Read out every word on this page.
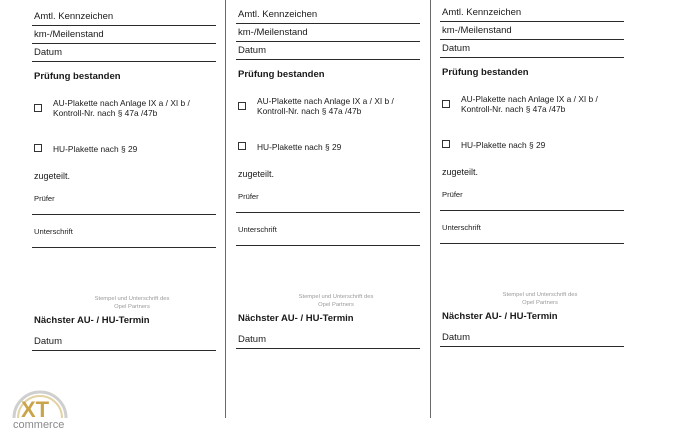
Amtl. Kennzeichen
km-/Meilenstand
Datum
Prüfung bestanden
AU-Plakette nach Anlage IX a / XI b /
Kontroll-Nr. nach § 47a /47b
HU-Plakette nach § 29
zugeteilt.
Prüfer
Unterschrift
Stempel und Unterschrift des
Opel Partners
Nächster AU- / HU-Termin
Datum
Amtl. Kennzeichen
km-/Meilenstand
Datum
Prüfung bestanden
AU-Plakette nach Anlage IX a / XI b /
Kontroll-Nr. nach § 47a /47b
HU-Plakette nach § 29
zugeteilt.
Prüfer
Unterschrift
Stempel und Unterschrift des
Opel Partners
Nächster AU- / HU-Termin
Datum
Amtl. Kennzeichen
km-/Meilenstand
Datum
Prüfung bestanden
AU-Plakette nach Anlage IX a / XI b /
Kontroll-Nr. nach § 47a /47b
HU-Plakette nach § 29
zugeteilt.
Prüfer
Unterschrift
Stempel und Unterschrift des
Opel Partners
Nächster AU- / HU-Termin
Datum
XT
commerce
